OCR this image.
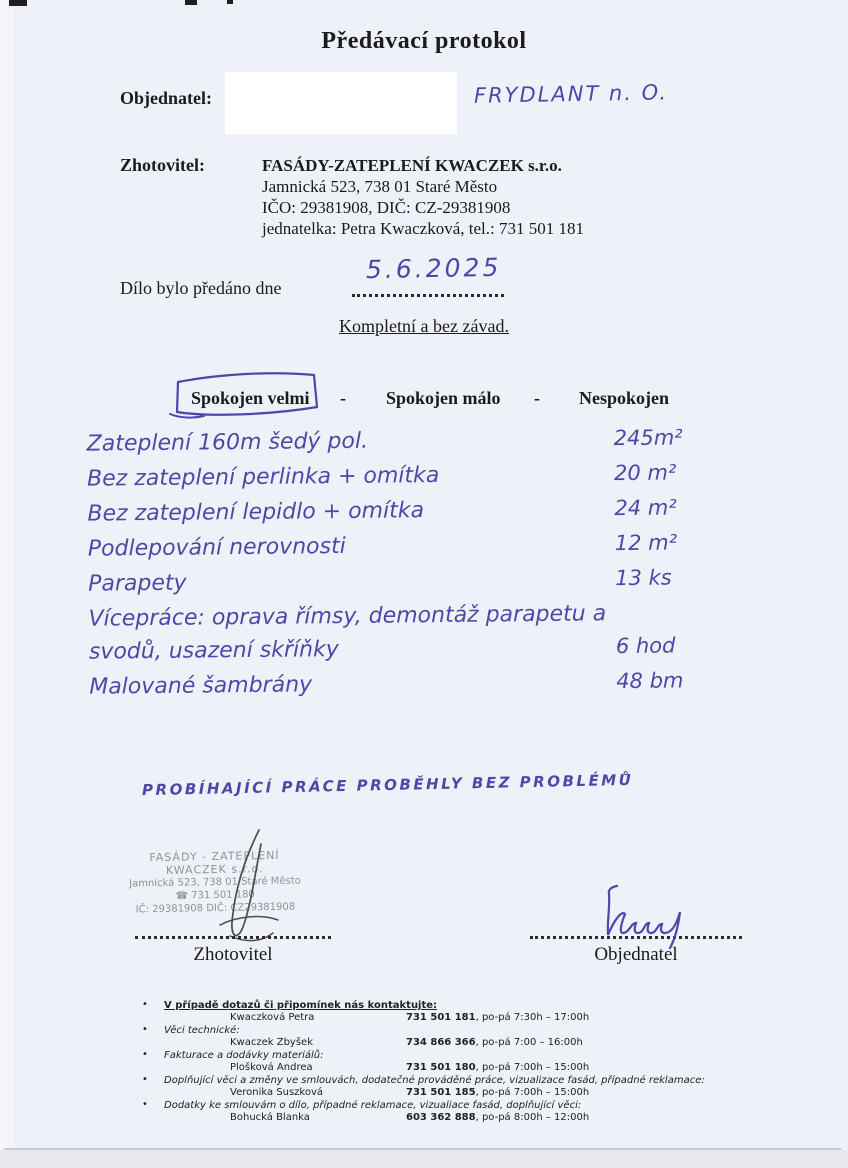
Předávací protokol
Objednatel:	FRYDLANT n. O.
Zhotovitel:	FASÁDY-ZATEPLENÍ KWACZEK s.r.o.
Jamnická 523, 738 01 Staré Město
IČO: 29381908, DIČ: CZ-29381908
jednatelka: Petra Kwaczková, tel.: 731 501 181
Dílo bylo předáno dne
5.6.2025
Kompletní a bez závad.
Spokojen velmi - Spokojen málo - Nespokojen
Zateplení 160m šedý pol.	245m²
Bez zateplení perlinka + omítka	20 m²
Bez zateplení lepidlo + omítka	24 m²
Podlepování nerovnosti	12 m²
Parapety	13 ks
Vícepráce: oprava římsy, demontáž parapetu a svodů, usazení skříňky	6 hod
Malované šambrány	48 bm
PROBÍHAJÍCÍ PRÁCE PROBĚHLY BEZ PROBLÉMŮ
FASÁDY - ZATEPLENÍ
KWACZEK s.r.o.
Jamnická 523, 738 01 Staré Město
☎ 731 501 180
IČ: 29381908 DIČ: CZ29381908
Zhotovitel	Objednatel
• V případě dotazů či připomínek nás kontaktujte:
Kwaczková Petra	731 501 181 , po-pá 7:30h – 17:00h
• Věci technické:
Kwaczek Zbyšek	734 866 366 , po-pá 7:00 – 16:00h
• Fakturace a dodávky materiálů:
Plošková Andrea	731 501 180 , po-pá 7:00h – 15:00h
• Doplňující věci a změny ve smlouvách, dodatečné prováděné práce, vizualizace fasád, případné reklamace:
Veronika Suszková	731 501 185 , po-pá 7:00h – 15:00h
• Dodatky ke smlouvám o dílo, případné reklamace, vizualiace fasád, doplňující věci:
Bohucká Blanka	603 362 888 , po-pá 8:00h – 12:00h
